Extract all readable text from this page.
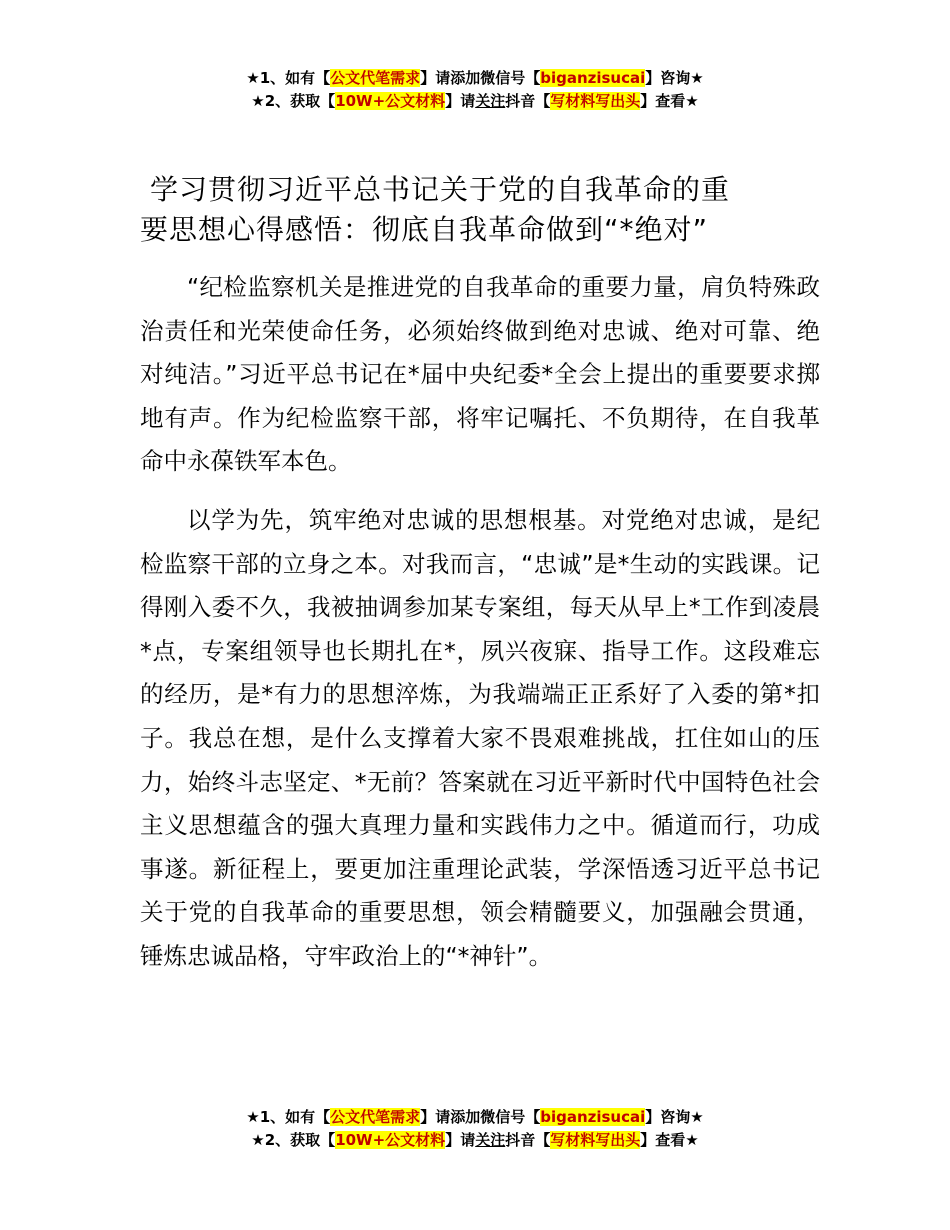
★1、如有【公文代笔需求】请添加微信号【biganzisucai】咨询★
★2、获取【10W+公文材料】请关注抖音【写材料写出头】查看★
学习贯彻习近平总书记关于党的自我革命的重
要思想心得感悟：彻底自我革命做到“*绝对”

“纪检监察机关是推进党的自我革命的重要力量，肩负特殊政治责任和光荣使命任务，必须始终做到绝对忠诚、绝对可靠、绝对纯洁。”习近平总书记在*届中央纪委*全会上提出的重要要求掷地有声。作为纪检监察干部，将牢记嘱托、不负期待，在自我革命中永葆铁军本色。

以学为先，筑牢绝对忠诚的思想根基。对党绝对忠诚，是纪检监察干部的立身之本。对我而言，“忠诚”是*生动的实践课。记得刚入委不久，我被抽调参加某专案组，每天从早上*工作到凌晨*点，专案组领导也长期扎在*，夙兴夜寐、指导工作。这段难忘的经历，是*有力的思想淬炼，为我端端正正系好了入委的第*扣子。我总在想，是什么支撑着大家不畏艰难挑战，扛住如山的压力，始终斗志坚定、*无前？答案就在习近平新时代中国特色社会主义思想蕴含的强大真理力量和实践伟力之中。循道而行，功成事遂。新征程上，要更加注重理论武装，学深悟透习近平总书记关于党的自我革命的重要思想，领会精髓要义，加强融会贯通，锤炼忠诚品格，守牢政治上的“*神针”。

★1、如有【公文代笔需求】请添加微信号【biganzisucai】咨询★
★2、获取【10W+公文材料】请关注抖音【写材料写出头】查看★
